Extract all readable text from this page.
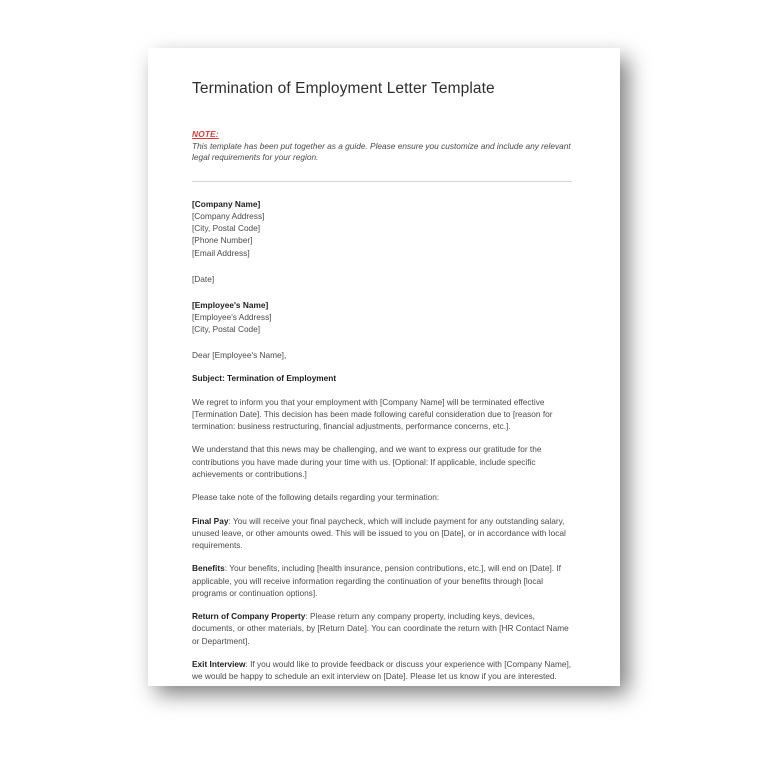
Termination of Employment Letter Template
NOTE:

This template has been put together as a guide. Please ensure you customize and include any relevant legal requirements for your region.

[Company Name]
[Company Address]
[City, Postal Code]
[Phone Number]
[Email Address]
[Date]
[Employee's Name]
[Employee's Address]
[City, Postal Code]

Dear [Employee's Name],

Subject: Termination of Employment

We regret to inform you that your employment with [Company Name] will be terminated effective [Termination Date]. This decision has been made following careful consideration due to [reason for termination: business restructuring, financial adjustments, performance concerns, etc.].

We understand that this news may be challenging, and we want to express our gratitude for the contributions you have made during your time with us. [Optional: If applicable, include specific achievements or contributions.]

Please take note of the following details regarding your termination:

Final Pay: You will receive your final paycheck, which will include payment for any outstanding salary, unused leave, or other amounts owed. This will be issued to you on [Date], or in accordance with local requirements.

Benefits: Your benefits, including [health insurance, pension contributions, etc.], will end on [Date]. If applicable, you will receive information regarding the continuation of your benefits through [local programs or continuation options].

Return of Company Property: Please return any company property, including keys, devices, documents, or other materials, by [Return Date]. You can coordinate the return with [HR Contact Name or Department].

Exit Interview: If you would like to provide feedback or discuss your experience with [Company Name], we would be happy to schedule an exit interview on [Date]. Please let us know if you are interested.
